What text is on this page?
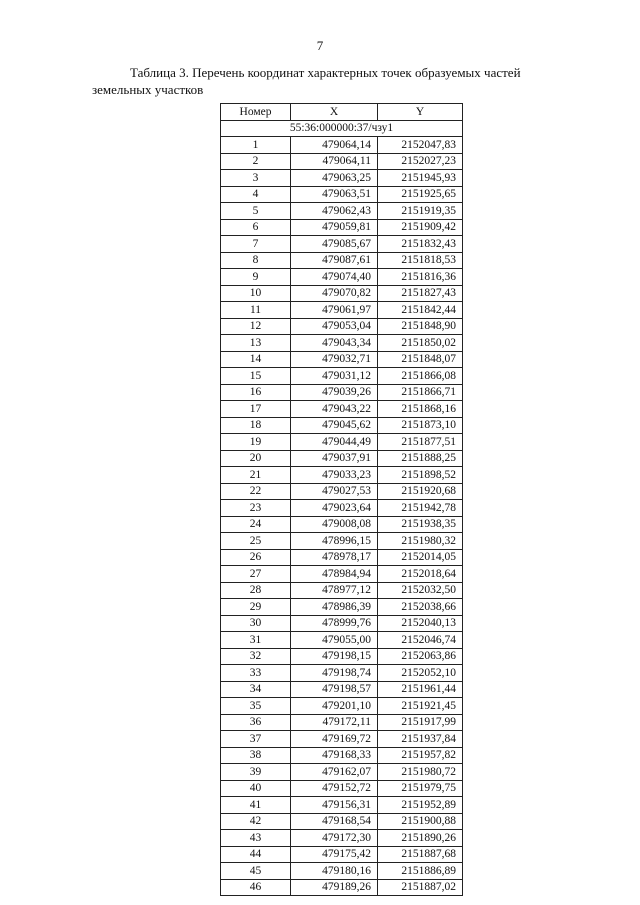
7
Таблица 3. Перечень координат характерных точек образуемых частей
земельных участков
Номер	X	Y
55:36:000000:37/чзу1		
1	479064,14	2152047,83
2	479064,11	2152027,23
3	479063,25	2151945,93
4	479063,51	2151925,65
5	479062,43	2151919,35
6	479059,81	2151909,42
7	479085,67	2151832,43
8	479087,61	2151818,53
9	479074,40	2151816,36
10	479070,82	2151827,43
11	479061,97	2151842,44
12	479053,04	2151848,90
13	479043,34	2151850,02
14	479032,71	2151848,07
15	479031,12	2151866,08
16	479039,26	2151866,71
17	479043,22	2151868,16
18	479045,62	2151873,10
19	479044,49	2151877,51
20	479037,91	2151888,25
21	479033,23	2151898,52
22	479027,53	2151920,68
23	479023,64	2151942,78
24	479008,08	2151938,35
25	478996,15	2151980,32
26	478978,17	2152014,05
27	478984,94	2152018,64
28	478977,12	2152032,50
29	478986,39	2152038,66
30	478999,76	2152040,13
31	479055,00	2152046,74
32	479198,15	2152063,86
33	479198,74	2152052,10
34	479198,57	2151961,44
35	479201,10	2151921,45
36	479172,11	2151917,99
37	479169,72	2151937,84
38	479168,33	2151957,82
39	479162,07	2151980,72
40	479152,72	2151979,75
41	479156,31	2151952,89
42	479168,54	2151900,88
43	479172,30	2151890,26
44	479175,42	2151887,68
45	479180,16	2151886,89
46	479189,26	2151887,02
